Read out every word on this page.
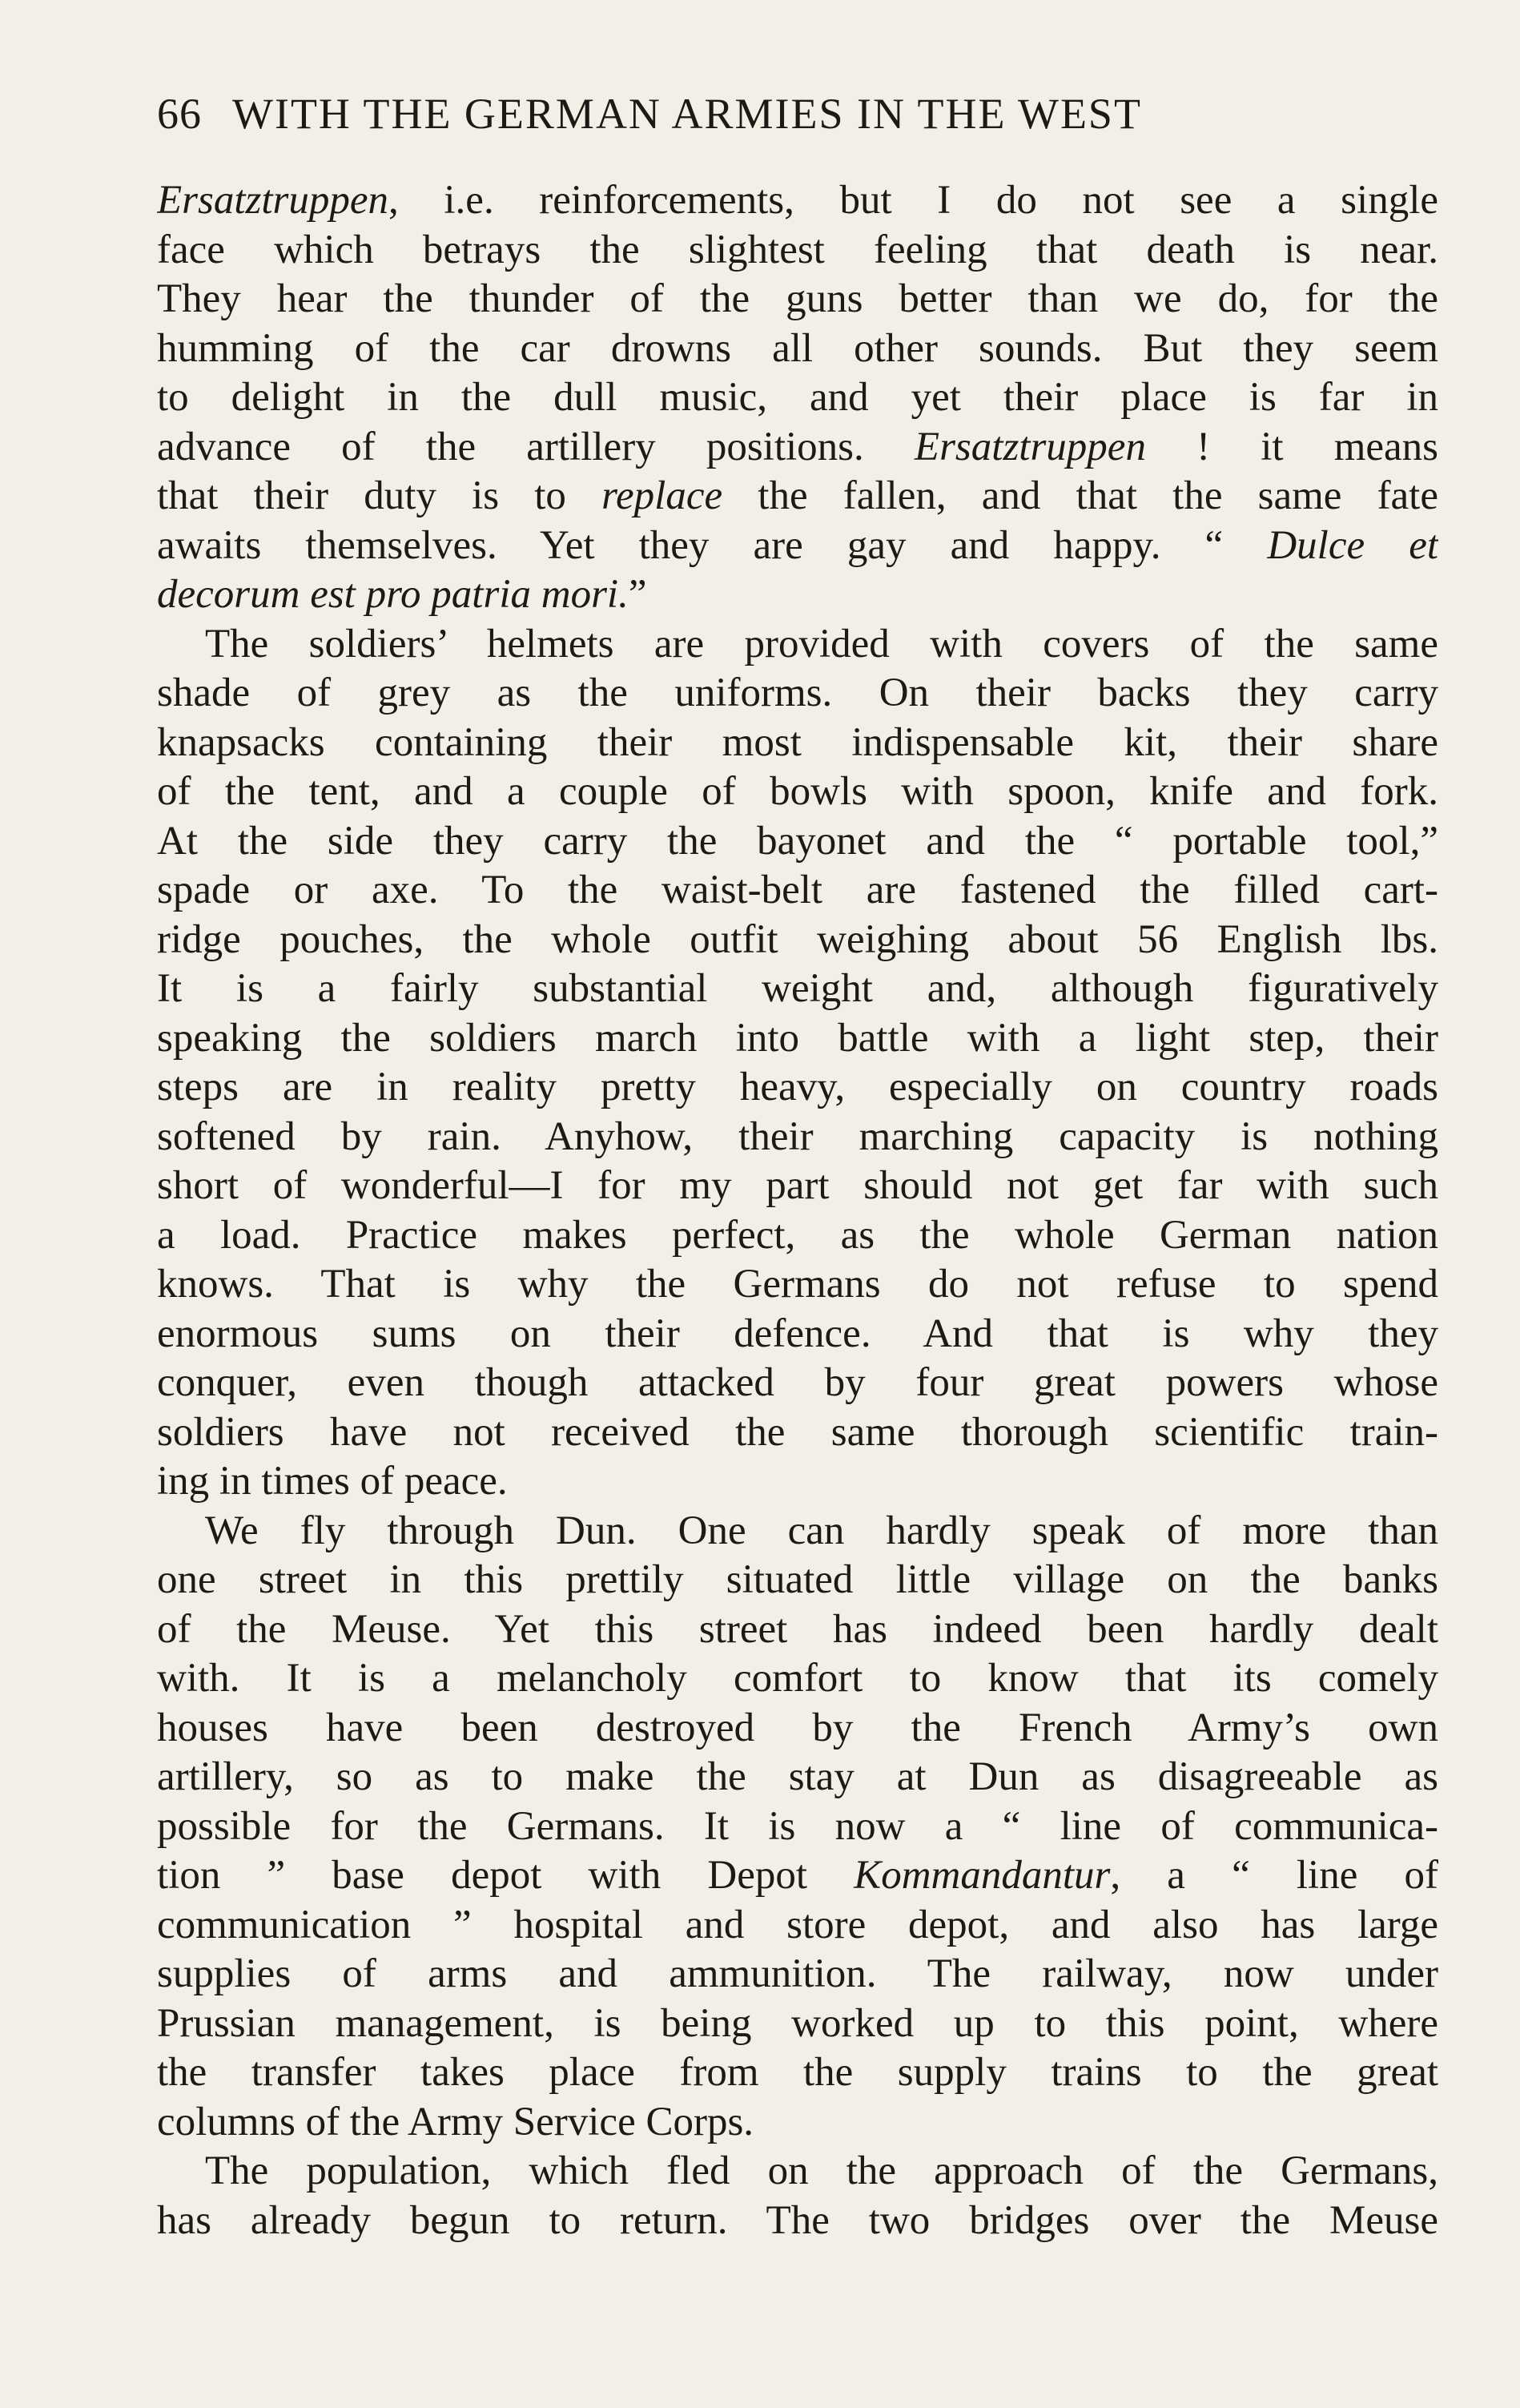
66 WITH THE GERMAN ARMIES IN THE WEST
Ersatztruppen, i.e. reinforcements, but I do not see a single
face which betrays the slightest feeling that death is near.
They hear the thunder of the guns better than we do, for the
humming of the car drowns all other sounds. But they seem
to delight in the dull music, and yet their place is far in
advance of the artillery positions. Ersatztruppen ! it means
that their duty is to replace the fallen, and that the same fate
awaits themselves. Yet they are gay and happy. “ Dulce et
decorum est pro patria mori.”
The soldiers’ helmets are provided with covers of the same
shade of grey as the uniforms. On their backs they carry
knapsacks containing their most indispensable kit, their share
of the tent, and a couple of bowls with spoon, knife and fork.
At the side they carry the bayonet and the “ portable tool,”
spade or axe. To the waist-belt are fastened the filled cart-
ridge pouches, the whole outfit weighing about 56 English lbs.
It is a fairly substantial weight and, although figuratively
speaking the soldiers march into battle with a light step, their
steps are in reality pretty heavy, especially on country roads
softened by rain. Anyhow, their marching capacity is nothing
short of wonderful—I for my part should not get far with such
a load. Practice makes perfect, as the whole German nation
knows. That is why the Germans do not refuse to spend
enormous sums on their defence. And that is why they
conquer, even though attacked by four great powers whose
soldiers have not received the same thorough scientific train-
ing in times of peace.
We fly through Dun. One can hardly speak of more than
one street in this prettily situated little village on the banks
of the Meuse. Yet this street has indeed been hardly dealt
with. It is a melancholy comfort to know that its comely
houses have been destroyed by the French Army’s own
artillery, so as to make the stay at Dun as disagreeable as
possible for the Germans. It is now a “ line of communica-
tion ” base depot with Depot Kommandantur, a “ line of
communication ” hospital and store depot, and also has large
supplies of arms and ammunition. The railway, now under
Prussian management, is being worked up to this point, where
the transfer takes place from the supply trains to the great
columns of the Army Service Corps.
The population, which fled on the approach of the Germans,
has already begun to return. The two bridges over the Meuse
